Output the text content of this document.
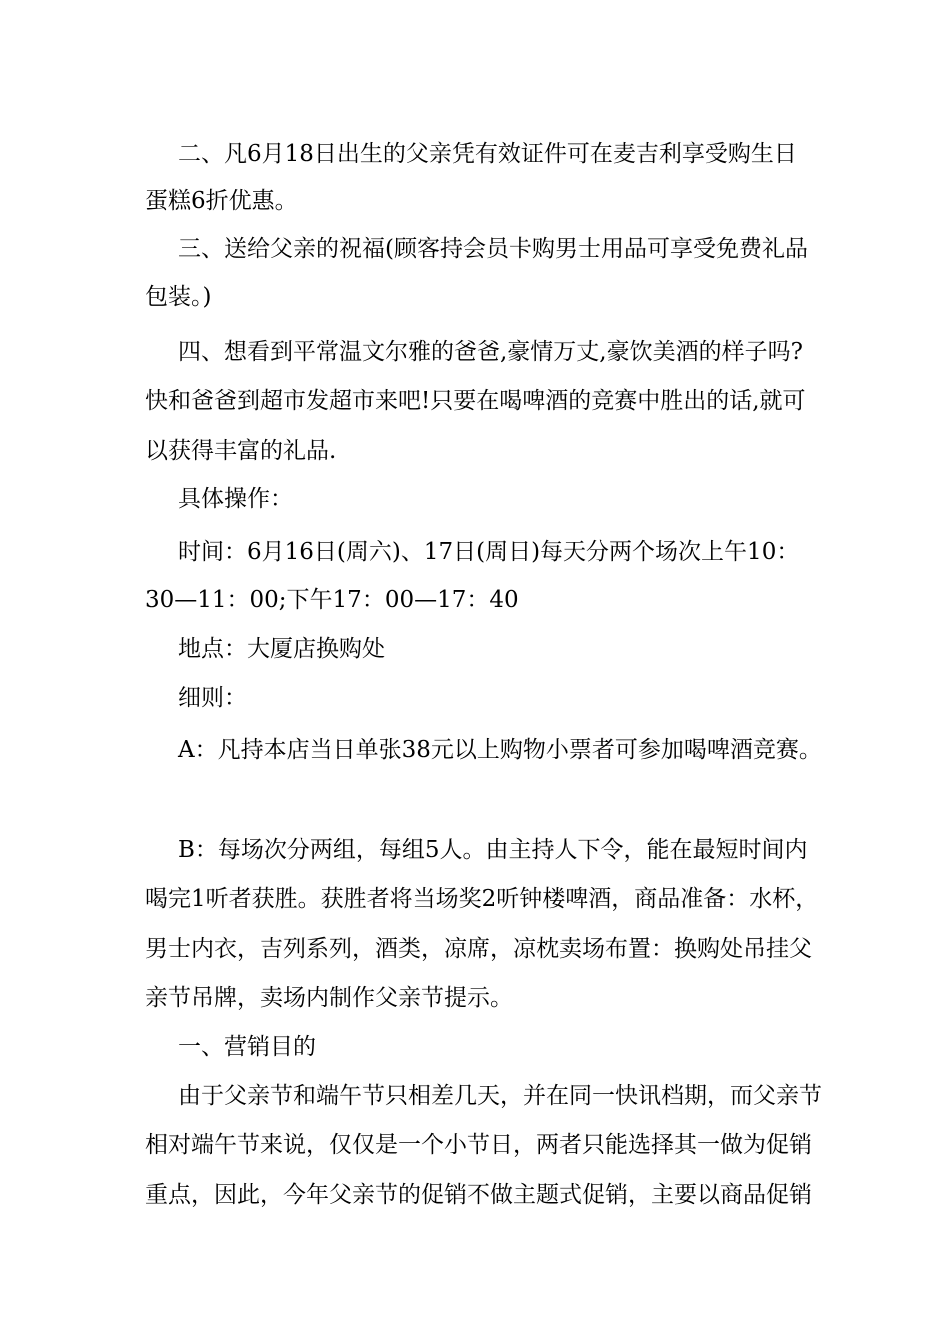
二、凡6月18日出生的父亲凭有效证件可在麦吉利享受购生日
蛋糕6折优惠。
三、送给父亲的祝福(顾客持会员卡购男士用品可享受免费礼品
包装。)
四、想看到平常温文尔雅的爸爸,豪情万丈,豪饮美酒的样子吗?
快和爸爸到超市发超市来吧!只要在喝啤酒的竞赛中胜出的话,就可
以获得丰富的礼品.
具体操作：
时间：6月16日(周六)、17日(周日)每天分两个场次上午10：
30—11：00;下午17：00—17：40
地点：大厦店换购处
细则：
A：凡持本店当日单张38元以上购物小票者可参加喝啤酒竞赛。
B：每场次分两组，每组5人。由主持人下令，能在最短时间内
喝完1听者获胜。获胜者将当场奖2听钟楼啤酒，商品准备：水杯，
男士内衣，吉列系列，酒类，凉席，凉枕卖场布置：换购处吊挂父
亲节吊牌，卖场内制作父亲节提示。
一、营销目的
由于父亲节和端午节只相差几天，并在同一快讯档期，而父亲节
相对端午节来说，仅仅是一个小节日，两者只能选择其一做为促销
重点，因此，今年父亲节的促销不做主题式促销，主要以商品促销
